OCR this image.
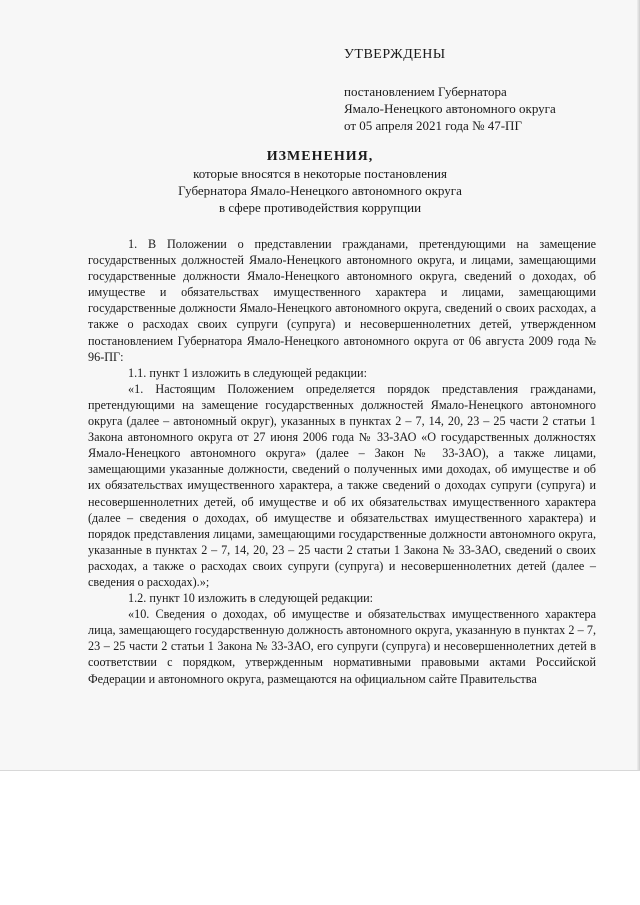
УТВЕРЖДЕНЫ
постановлением Губернатора
Ямало-Ненецкого автономного округа
от 05 апреля 2021 года № 47-ПГ
ИЗМЕНЕНИЯ,
которые вносятся в некоторые постановления
Губернатора Ямало-Ненецкого автономного округа
в сфере противодействия коррупции

1. В Положении о представлении гражданами, претендующими на замещение государственных должностей Ямало-Ненецкого автономного округа, и лицами, замещающими государственные должности Ямало-Ненецкого автономного округа, сведений о доходах, об имуществе и обязательствах имущественного характера и лицами, замещающими государственные должности Ямало-Ненецкого автономного округа, сведений о своих расходах, а также о расходах своих супруги (супруга) и несовершеннолетних детей, утвержденном постановлением Губернатора Ямало-Ненецкого автономного округа от 06 августа 2009 года № 96-ПГ:

1.1. пункт 1 изложить в следующей редакции:

«1. Настоящим Положением определяется порядок представления гражданами, претендующими на замещение государственных должностей Ямало-Ненецкого автономного округа (далее – автономный округ), указанных в пунктах 2 – 7, 14, 20, 23 – 25 части 2 статьи 1 Закона автономного округа от 27 июня 2006 года № 33-ЗАО «О государственных должностях Ямало-Ненецкого автономного округа» (далее – Закон № 33-ЗАО), а также лицами, замещающими указанные должности, сведений о полученных ими доходах, об имуществе и об их обязательствах имущественного характера, а также сведений о доходах супруги (супруга) и несовершеннолетних детей, об имуществе и об их обязательствах имущественного характера (далее – сведения о доходах, об имуществе и обязательствах имущественного характера) и порядок представления лицами, замещающими государственные должности автономного округа, указанные в пунктах 2 – 7, 14, 20, 23 – 25 части 2 статьи 1 Закона № 33-ЗАО, сведений о своих расходах, а также о расходах своих супруги (супруга) и несовершеннолетних детей (далее – сведения о расходах).»;

1.2. пункт 10 изложить в следующей редакции:

«10. Сведения о доходах, об имуществе и обязательствах имущественного характера лица, замещающего государственную должность автономного округа, указанную в пунктах 2 – 7, 23 – 25 части 2 статьи 1 Закона № 33-ЗАО, его супруги (супруга) и несовершеннолетних детей в соответствии с порядком, утвержденным нормативными правовыми актами Российской Федерации и автономного округа, размещаются на официальном сайте Правительства
